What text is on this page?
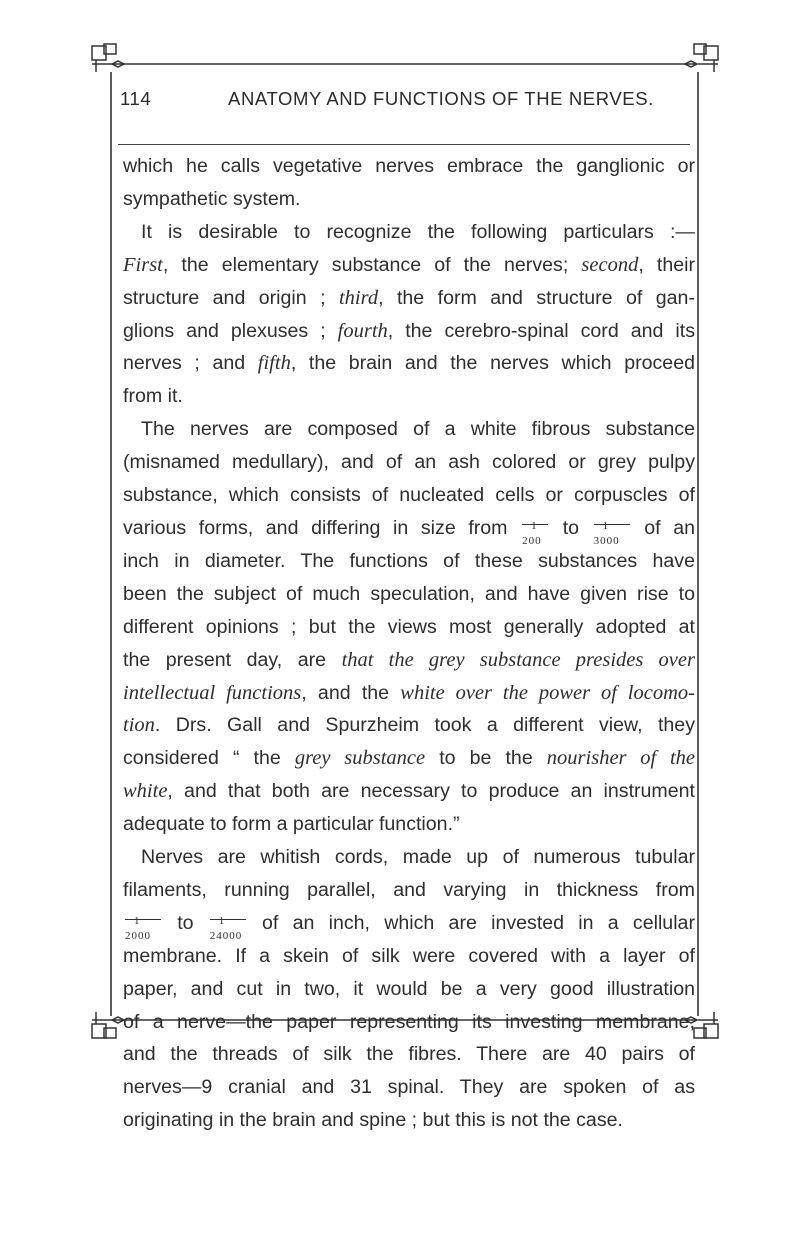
114	ANATOMY AND FUNCTIONS OF THE NERVES.
which he calls vegetative nerves embrace the ganglionic or
sympathetic system.
It is desirable to recognize the following particulars :—
First, the elementary substance of the nerves; second, their
structure and origin ; third, the form and structure of gan-
glions and plexuses ; fourth, the cerebro-spinal cord and its
nerves ; and fifth, the brain and the nerves which proceed
from it.
The nerves are composed of a white fibrous substance
(misnamed medullary), and of an ash colored or grey pulpy
substance, which consists of nucleated cells or corpuscles of
various forms, and differing in size from 1
200
to 1
3000
of an
inch in diameter. The functions of these substances have
been the subject of much speculation, and have given rise to
different opinions ; but the views most generally adopted at
the present day, are that the grey substance presides over
intellectual functions, and the white over the power of locomo-
tion. Drs. Gall and Spurzheim took a different view, they
considered “ the grey substance to be the nourisher of the
white, and that both are necessary to produce an instrument
adequate to form a particular function.”
Nerves are whitish cords, made up of numerous tubular
filaments, running parallel, and varying in thickness from
1
2000
to 1
24000
of an inch, which are invested in a cellular
membrane. If a skein of silk were covered with a layer of
paper, and cut in two, it would be a very good illustration
of a nerve—the paper representing its investing membrane,
and the threads of silk the fibres. There are 40 pairs of
nerves—9 cranial and 31 spinal. They are spoken of as
originating in the brain and spine ; but this is not the case.
